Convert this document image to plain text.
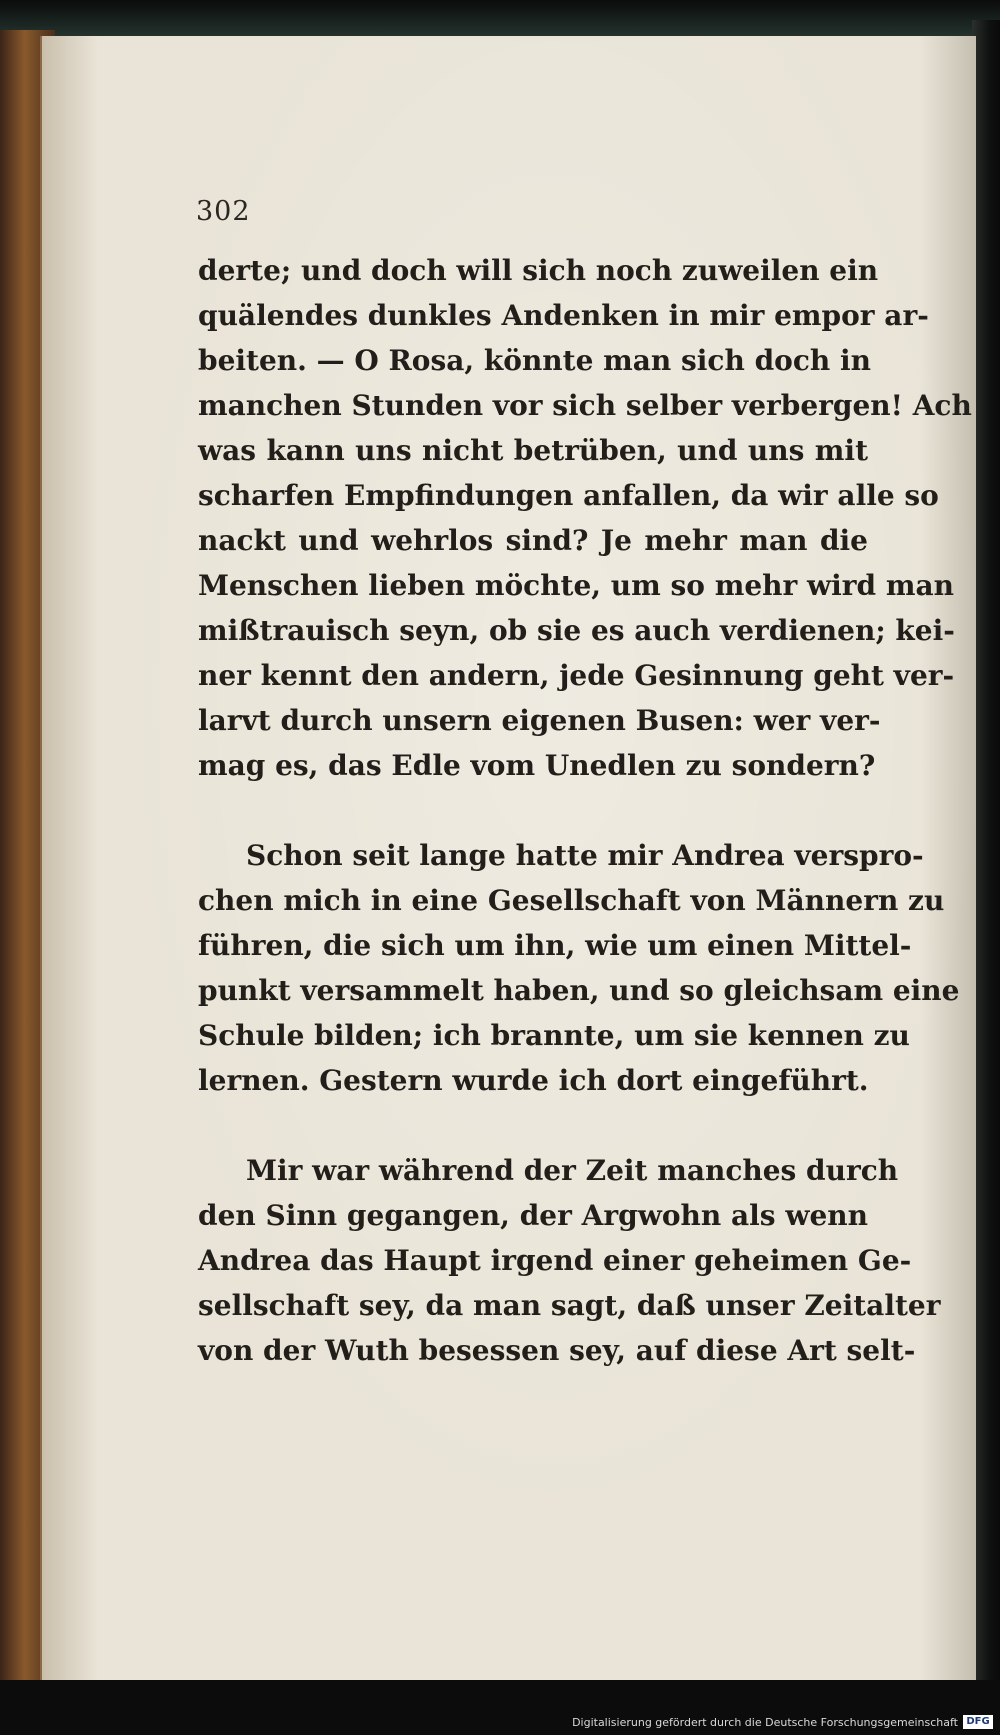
302
derte; und doch will sich noch zuweilen ein
quälendes dunkles Andenken in mir empor ar-
beiten. — O Rosa, könnte man sich doch in
manchen Stunden vor sich selber verbergen! Ach
was kann uns nicht betrüben, und uns mit
scharfen Empfindungen anfallen, da wir alle so
nackt und wehrlos sind? Je mehr man die
Menschen lieben möchte, um so mehr wird man
mißtrauisch seyn, ob sie es auch verdienen; kei-
ner kennt den andern, jede Gesinnung geht ver-
larvt durch unsern eigenen Busen: wer ver-
mag es, das Edle vom Unedlen zu sondern?
Schon seit lange hatte mir Andrea verspro-
chen mich in eine Gesellschaft von Männern zu
führen, die sich um ihn, wie um einen Mittel-
punkt versammelt haben, und so gleichsam eine
Schule bilden; ich brannte, um sie kennen zu
lernen. Gestern wurde ich dort eingeführt.
Mir war während der Zeit manches durch
den Sinn gegangen, der Argwohn als wenn
Andrea das Haupt irgend einer geheimen Ge-
sellschaft sey, da man sagt, daß unser Zeitalter
von der Wuth besessen sey, auf diese Art selt-
Digitalisierung gefördert durch die Deutsche Forschungsgemeinschaft DFG
